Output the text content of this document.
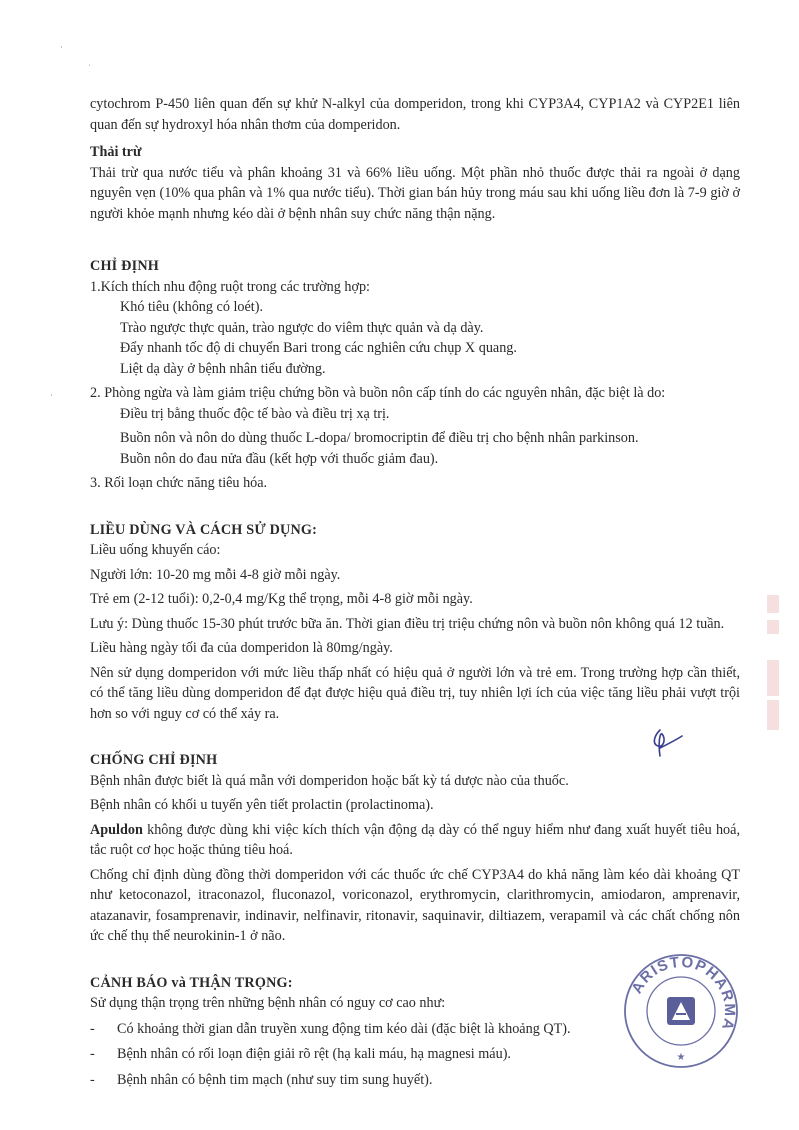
·
ˌ
·

cytochrom P-450 liên quan đến sự khử N-alkyl của domperidon, trong khi CYP3A4, CYP1A2 và CYP2E1 liên quan đến sự hydroxyl hóa nhân thơm của domperidon.

Thải trừ

Thải trừ qua nước tiểu và phân khoảng 31 và 66% liều uống. Một phần nhỏ thuốc được thải ra ngoài ở dạng nguyên vẹn (10% qua phân và 1% qua nước tiểu). Thời gian bán hủy trong máu sau khi uống liều đơn là 7-9 giờ ở người khỏe mạnh nhưng kéo dài ở bệnh nhân suy chức năng thận nặng.

CHỈ ĐỊNH

1.Kích thích nhu động ruột trong các trường hợp:

Khó tiêu (không có loét).

Trào ngược thực quản, trào ngược do viêm thực quản và dạ dày.

Đẩy nhanh tốc độ di chuyển Bari trong các nghiên cứu chụp X quang.

Liệt dạ dày ở bệnh nhân tiểu đường.

2. Phòng ngừa và làm giảm triệu chứng bồn và buồn nôn cấp tính do các nguyên nhân, đặc biệt là do:

Điều trị bằng thuốc độc tế bào và điều trị xạ trị.

Buồn nôn và nôn do dùng thuốc L-dopa/ bromocriptin để điều trị cho bệnh nhân parkinson.

Buồn nôn do đau nửa đầu (kết hợp với thuốc giảm đau).

3. Rối loạn chức năng tiêu hóa.

LIỀU DÙNG VÀ CÁCH SỬ DỤNG:

Liều uống khuyến cáo:

Người lớn: 10-20 mg mỗi 4-8 giờ mỗi ngày.

Trẻ em (2-12 tuổi): 0,2-0,4 mg/Kg thể trọng, mỗi 4-8 giờ mỗi ngày.

Lưu ý: Dùng thuốc 15-30 phút trước bữa ăn. Thời gian điều trị triệu chứng nôn và buồn nôn không quá 12 tuần.

Liều hàng ngày tối đa của domperidon là 80mg/ngày.

Nên sử dụng domperidon với mức liều thấp nhất có hiệu quả ở người lớn và trẻ em. Trong trường hợp cần thiết, có thể tăng liều dùng domperidon để đạt được hiệu quả điều trị, tuy nhiên lợi ích của việc tăng liều phải vượt trội hơn so với nguy cơ có thể xảy ra.

CHỐNG CHỈ ĐỊNH

Bệnh nhân được biết là quá mẫn với domperidon hoặc bất kỳ tá dược nào của thuốc.

Bệnh nhân có khối u tuyến yên tiết prolactin (prolactinoma).

Apuldon không được dùng khi việc kích thích vận động dạ dày có thể nguy hiểm như đang xuất huyết tiêu hoá, tắc ruột cơ học hoặc thủng tiêu hoá.

Chống chỉ định dùng đồng thời domperidon với các thuốc ức chế CYP3A4 do khả năng làm kéo dài khoảng QT như ketoconazol, itraconazol, fluconazol, voriconazol, erythromycin, clarithromycin, amiodaron, amprenavir, atazanavir, fosamprenavir, indinavir, nelfinavir, ritonavir, saquinavir, diltiazem, verapamil và các chất chống nôn ức chế thụ thể neurokinin-1 ở não.

CẢNH BÁO và THẬN TRỌNG:

Sử dụng thận trọng trên những bệnh nhân có nguy cơ cao như:

-	Có khoảng thời gian dẫn truyền xung động tim kéo dài (đặc biệt là khoảng QT).
-	Bệnh nhân có rối loạn điện giải rõ rệt (hạ kali máu, hạ magnesi máu).
-	Bệnh nhân có bệnh tim mạch (như suy tim sung huyết).
ARISTOPHARMA
★
